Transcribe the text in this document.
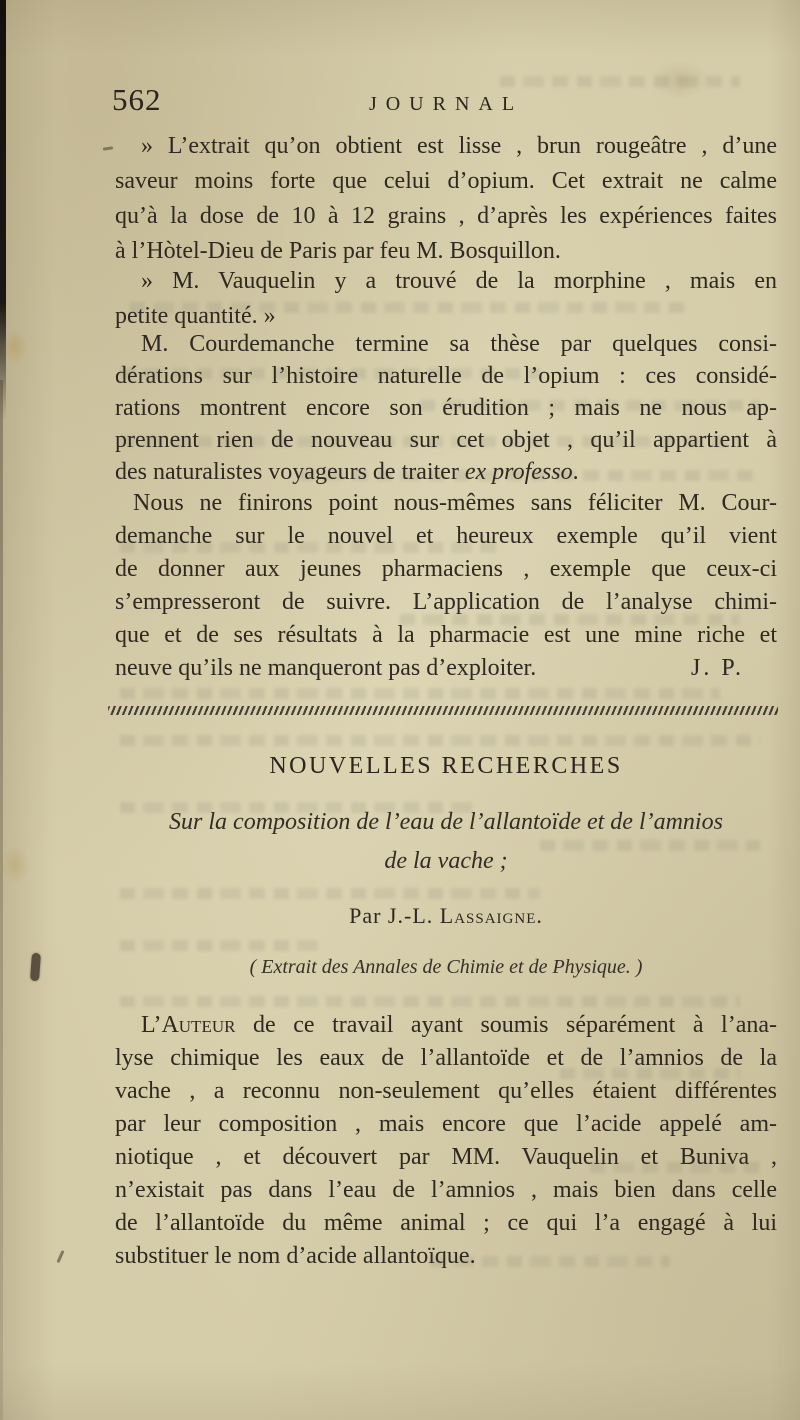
562	JOURNAL
» L’extrait qu’on obtient est lisse , brun rougeâtre , d’une
saveur moins forte que celui d’opium. Cet extrait ne calme
qu’à la dose de 10 à 12 grains , d’après les expériences faites
à l’Hòtel-Dieu de Paris par feu M. Bosquillon.
» M. Vauquelin y a trouvé de la morphine , mais en
petite quantité. »
M. Courdemanche termine sa thèse par quelques consi-
dérations sur l’histoire naturelle de l’opium : ces considé-
rations montrent encore son érudition ; mais ne nous ap-
prennent rien de nouveau sur cet objet , qu’il appartient à
des naturalistes voyageurs de traiter ex professo.
Nous ne finirons point nous-mêmes sans féliciter M. Cour-
demanche sur le nouvel et heureux exemple qu’il vient
de donner aux jeunes pharmaciens , exemple que ceux-ci
s’empresseront de suivre. L’application de l’analyse chimi-
que et de ses résultats à la pharmacie est une mine riche et
neuve qu’ils ne manqueront pas d’exploiter.	J. P.
NOUVELLES RECHERCHES
Sur la composition de l’eau de l’allantoïde et de l’amnios
de la vache ;
Par J.-L. Lassaigne.
( Extrait des Annales de Chimie et de Physique. )
L’Auteur de ce travail ayant soumis séparément à l’ana-
lyse chimique les eaux de l’allantoïde et de l’amnios de la
vache , a reconnu non-seulement qu’elles étaient différentes
par leur composition , mais encore que l’acide appelé am-
niotique , et découvert par MM. Vauquelin et Buniva ,
n’existait pas dans l’eau de l’amnios , mais bien dans celle
de l’allantoïde du même animal ; ce qui l’a engagé à lui
substituer le nom d’acide allantoïque.
